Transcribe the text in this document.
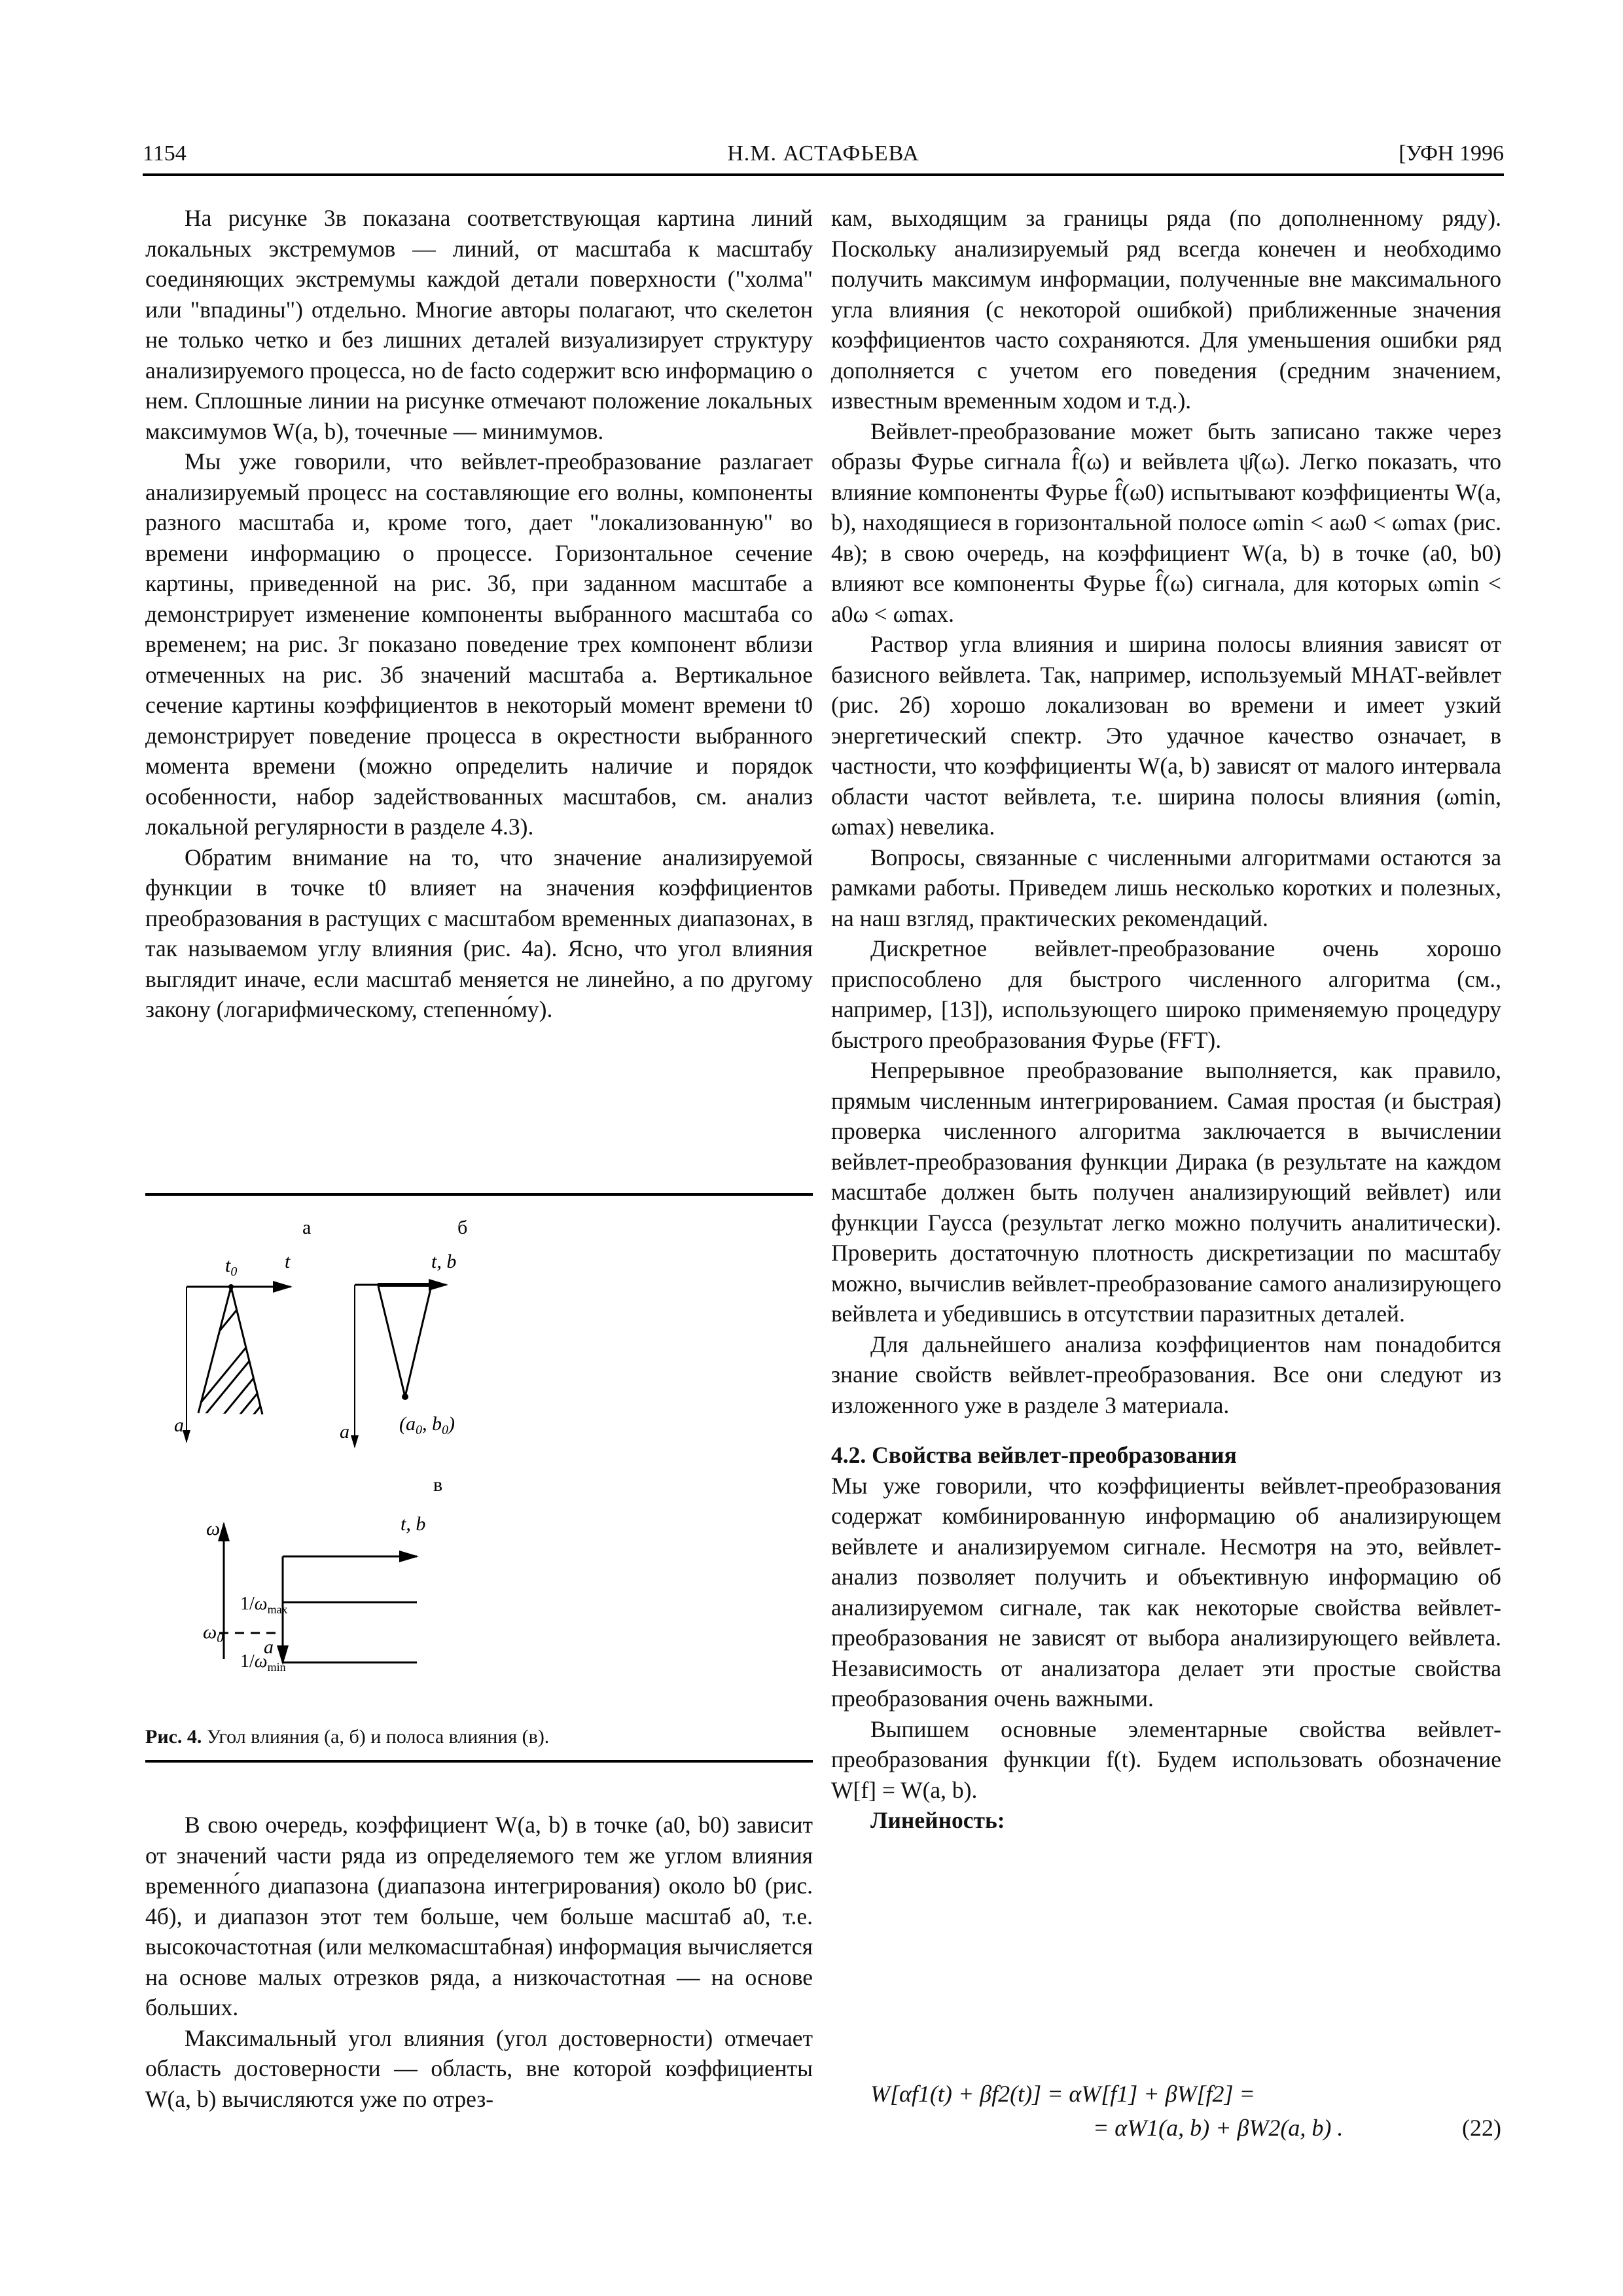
1154	Н.М. АСТАФЬЕВА	[УФН 1996

На рисунке 3в показана соответствующая картина линий локальных экстремумов — линий, от масштаба к масштабу соединяющих экстремумы каждой детали поверхности ("холма" или "впадины") отдельно. Многие авторы полагают, что скелетон не только четко и без лишних деталей визуализирует структуру анализируемого процесса, но de facto содержит всю информацию о нем. Сплошные линии на рисунке отмечают положение локальных максимумов W(a, b), точечные — минимумов.

Мы уже говорили, что вейвлет-преобразование разлагает анализируемый процесс на составляющие его волны, компоненты разного масштаба и, кроме того, дает "локализованную" во времени информацию о процессе. Горизонтальное сечение картины, приведенной на рис. 3б, при заданном масштабе a демонстрирует изменение компоненты выбранного масштаба со временем; на рис. 3г показано поведение трех компонент вблизи отмеченных на рис. 3б значений масштаба a. Вертикальное сечение картины коэффициентов в некоторый момент времени t0 демонстрирует поведение процесса в окрестности выбранного момента времени (можно определить наличие и порядок особенности, набор задействованных масштабов, см. анализ локальной регулярности в разделе 4.3).

Обратим внимание на то, что значение анализируемой функции в точке t0 влияет на значения коэффициентов преобразования в растущих с масштабом временных диапазонах, в так называемом углу влияния (рис. 4а). Ясно, что угол влияния выглядит иначе, если масштаб меняется не линейно, а по другому закону (логарифмическому, степенно́му).

а
$t_0$ t
a
б
t, b
a	($a_0$, $b_0$)
в
ω	t, b
a
$\omega_0$
$1/\omega_{max}$
$1/\omega_{min}$
Рис. 4. Угол влияния (а, б) и полоса влияния (в).

В свою очередь, коэффициент W(a, b) в точке (a0, b0) зависит от значений части ряда из определяемого тем же углом влияния временно́го диапазона (диапазона интегрирования) около b0 (рис. 4б), и диапазон этот тем больше, чем больше масштаб a0, т.е. высокочастотная (или мелкомасштабная) информация вычисляется на основе малых отрезков ряда, а низкочастотная — на основе больших.

Максимальный угол влияния (угол достоверности) отмечает область достоверности — область, вне которой коэффициенты W(a, b) вычисляются уже по отрез-

кам, выходящим за границы ряда (по дополненному ряду). Поскольку анализируемый ряд всегда конечен и необходимо получить максимум информации, полученные вне максимального угла влияния (с некоторой ошибкой) приближенные значения коэффициентов часто сохраняются. Для уменьшения ошибки ряд дополняется с учетом его поведения (средним значением, известным временным ходом и т.д.).

Вейвлет-преобразование может быть записано также через образы Фурье сигнала f̂(ω) и вейвлета ψ̂(ω). Легко показать, что влияние компоненты Фурье f̂(ω0) испытывают коэффициенты W(a, b), находящиеся в горизонтальной полосе ωmin < aω0 < ωmax (рис. 4в); в свою очередь, на коэффициент W(a, b) в точке (a0, b0) влияют все компоненты Фурье f̂(ω) сигнала, для которых ωmin < a0ω < ωmax.

Раствор угла влияния и ширина полосы влияния зависят от базисного вейвлета. Так, например, используемый МНАТ-вейвлет (рис. 2б) хорошо локализован во времени и имеет узкий энергетический спектр. Это удачное качество означает, в частности, что коэффициенты W(a, b) зависят от малого интервала области частот вейвлета, т.е. ширина полосы влияния (ωmin, ωmax) невелика.

Вопросы, связанные с численными алгоритмами остаются за рамками работы. Приведем лишь несколько коротких и полезных, на наш взгляд, практических рекомендаций.

Дискретное вейвлет-преобразование очень хорошо приспособлено для быстрого численного алгоритма (см., например, [13]), использующего широко применяемую процедуру быстрого преобразования Фурье (FFT).

Непрерывное преобразование выполняется, как правило, прямым численным интегрированием. Самая простая (и быстрая) проверка численного алгоритма заключается в вычислении вейвлет-преобразования функции Дирака (в результате на каждом масштабе должен быть получен анализирующий вейвлет) или функции Гаусса (результат легко можно получить аналитически). Проверить достаточную плотность дискретизации по масштабу можно, вычислив вейвлет-преобразование самого анализирующего вейвлета и убедившись в отсутствии паразитных деталей.

Для дальнейшего анализа коэффициентов нам понадобится знание свойств вейвлет-преобразования. Все они следуют из изложенного уже в разделе 3 материала.

4.2. Свойства вейвлет-преобразования

Мы уже говорили, что коэффициенты вейвлет-преобразования содержат комбинированную информацию об анализирующем вейвлете и анализируемом сигнале. Несмотря на это, вейвлет-анализ позволяет получить и объективную информацию об анализируемом сигнале, так как некоторые свойства вейвлет-преобразования не зависят от выбора анализирующего вейвлета. Независимость от анализатора делает эти простые свойства преобразования очень важными.

Выпишем основные элементарные свойства вейвлет-преобразования функции f(t). Будем использовать обозначение W[f] = W(a, b).

Линейность:

W[αf1(t) + βf2(t)] = αW[f1] + βW[f2] =
= αW1(a, b) + βW2(a, b) .	(22)
